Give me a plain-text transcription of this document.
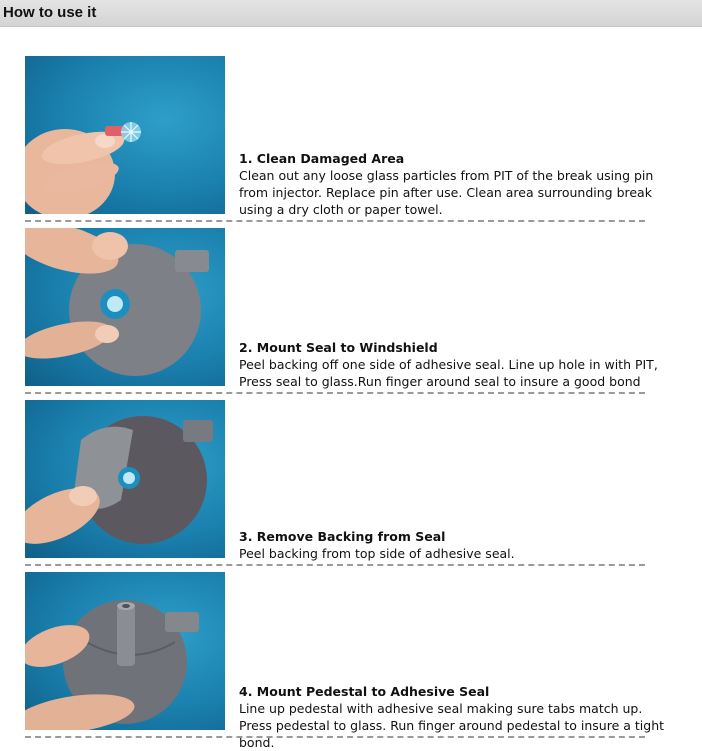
How to use it
1. Clean Damaged Area
Clean out any loose glass particles from PIT of the break using pin from injector. Replace pin after use. Clean area surrounding break using a dry cloth or paper towel.
2. Mount Seal to Windshield
Peel backing off one side of adhesive seal. Line up hole in with PIT, Press seal to glass.Run finger around seal to insure a good bond
3. Remove Backing from Seal
Peel backing from top side of adhesive seal.
4. Mount Pedestal to Adhesive Seal
Line up pedestal with adhesive seal making sure tabs match up. Press pedestal to glass. Run finger around pedestal to insure a tight bond.
